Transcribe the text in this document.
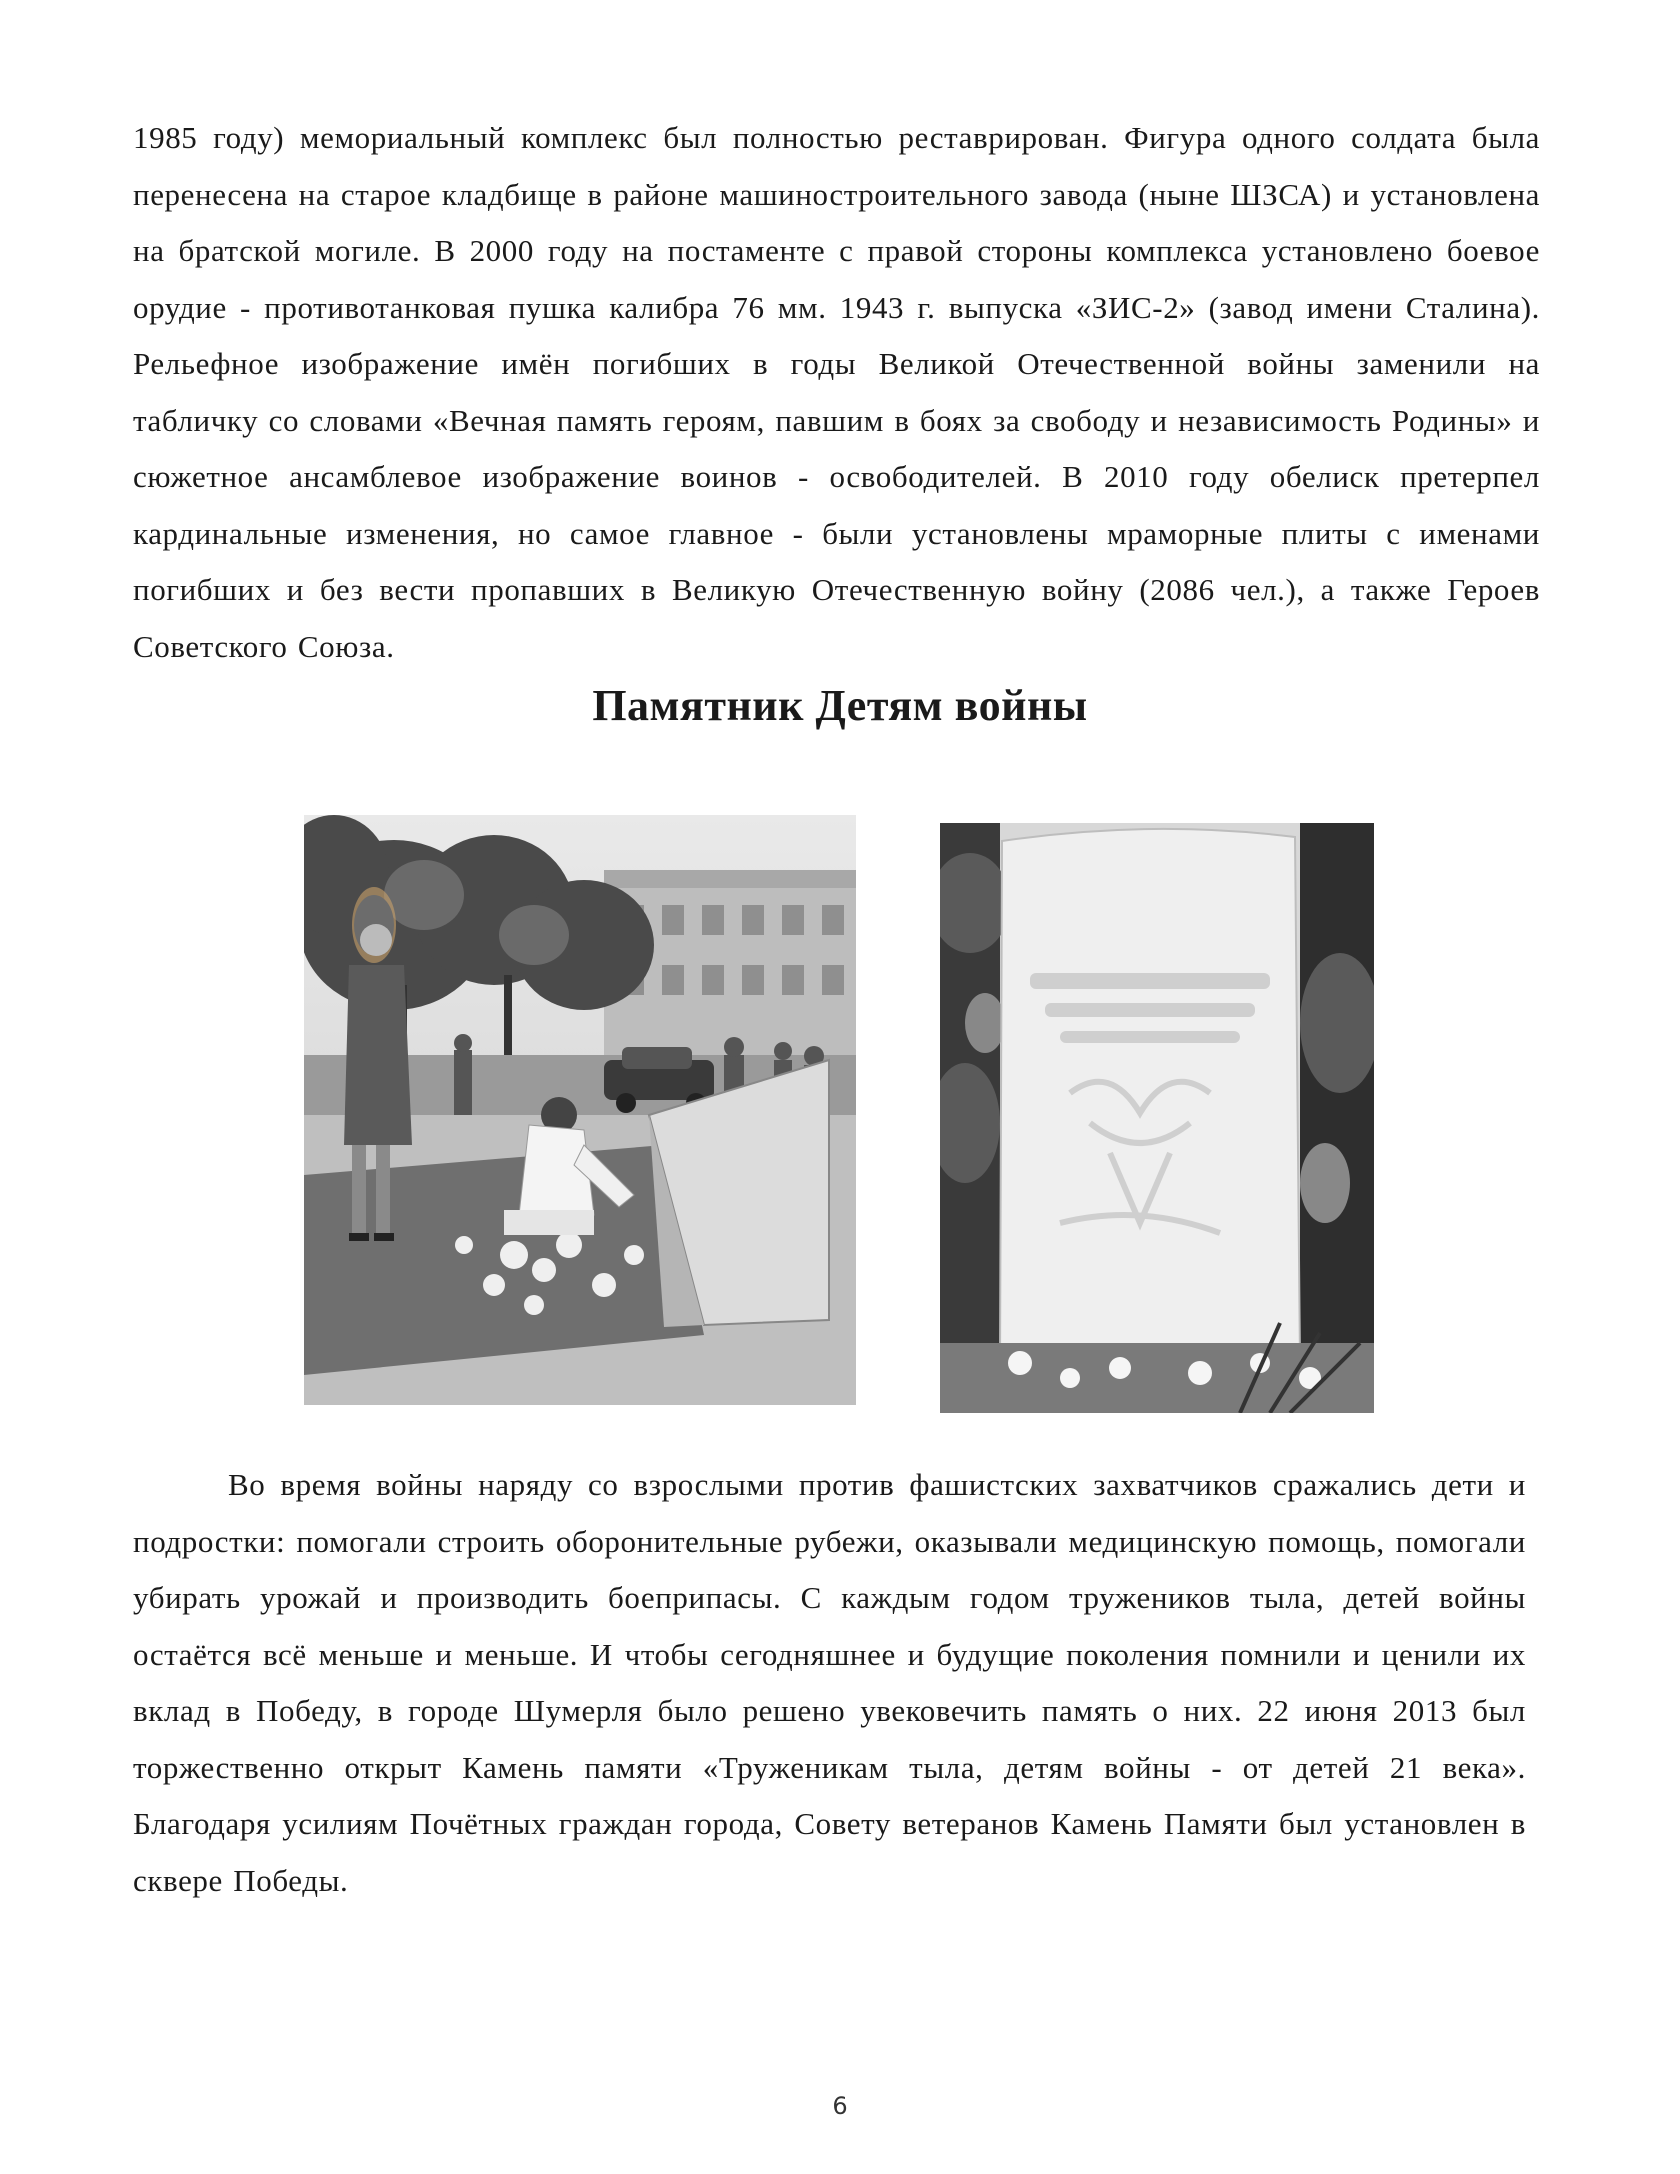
1985 году) мемориальный комплекс был полностью реставрирован. Фигура одного солдата была перенесена на старое кладбище в районе машиностроительного завода (ныне ШЗСА) и установлена на братской могиле. В 2000 году на постаменте с правой стороны комплекса установлено боевое орудие - противотанковая пушка калибра 76 мм. 1943 г. выпуска «ЗИС-2» (завод имени Сталина). Рельефное изображение имён погибших в годы Великой Отечественной войны заменили на табличку со словами «Вечная память героям, павшим в боях за свободу и независимость Родины» и сюжетное ансамблевое изображение воинов - освободителей. В 2010 году обелиск претерпел кардинальные изменения, но самое главное - были установлены мраморные плиты с именами погибших и без вести пропавших в Великую Отечественную войну (2086 чел.), а также Героев Советского Союза.

Памятник Детям войны

Во время войны наряду со взрослыми против фашистских захватчиков сражались дети и подростки: помогали строить оборонительные рубежи, оказывали медицинскую помощь, помогали убирать урожай и производить боеприпасы. С каждым годом тружеников тыла, детей войны остаётся всё меньше и меньше. И чтобы сегодняшнее и будущие поколения помнили и ценили их вклад в Победу, в городе Шумерля было решено увековечить память о них. 22 июня 2013 был торжественно открыт Камень памяти «Труженикам тыла, детям войны - от детей 21 века». Благодаря усилиям Почётных граждан города, Совету ветеранов Камень Памяти был установлен в сквере Победы.

6
